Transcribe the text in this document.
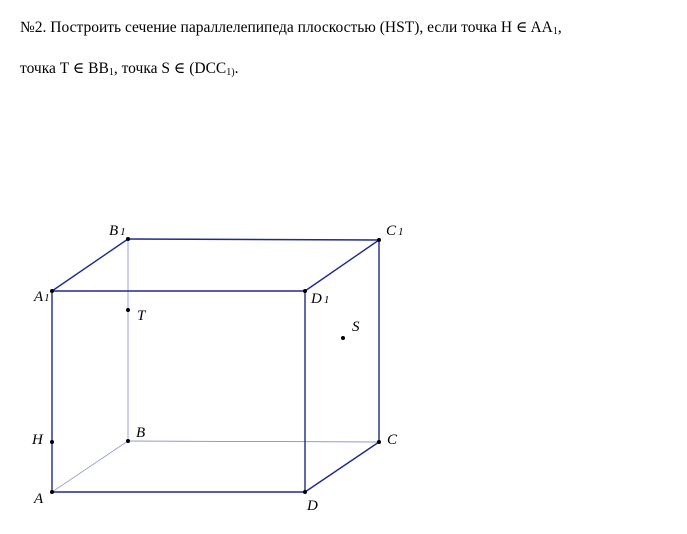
№2. Построить сечение параллелепипеда плоскостью (HST), если точка H ∈ $AA_1$,

точка T ∈ $BB_1$, точка S ∈ ($DCC_{1)}$.

A
B	C
D
A1
B 1	C 1
D 1
H
T
S
